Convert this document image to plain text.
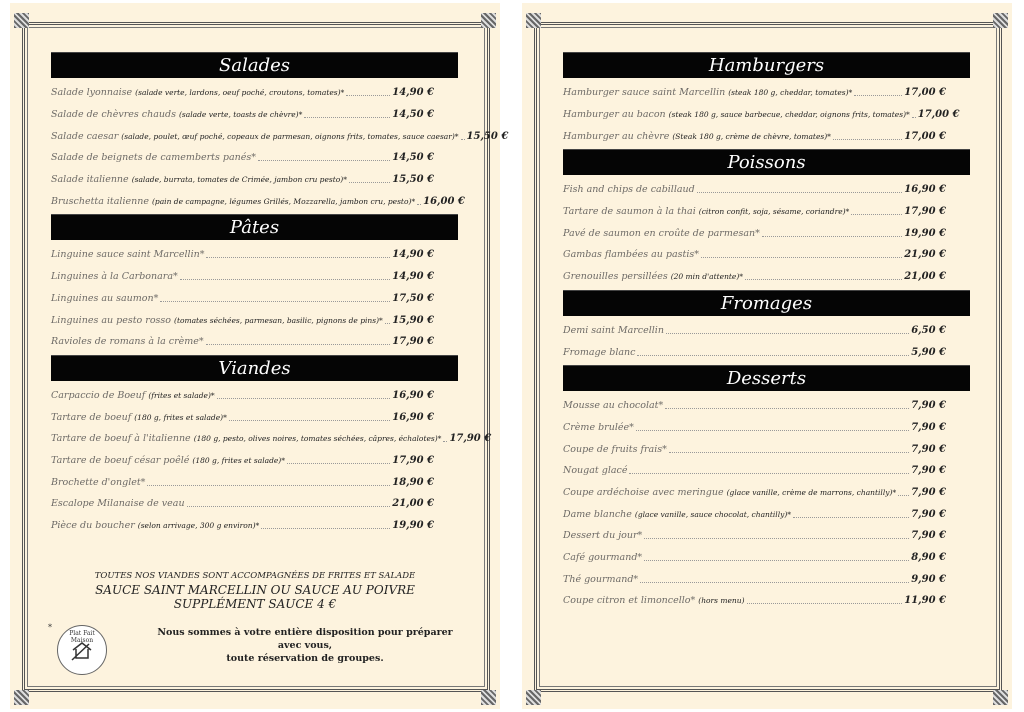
Salades
Salade lyonnaise (salade verte, lardons, oeuf poché, croutons, tomates)*	14,90 €
Salade de chèvres chauds (salade verte, toasts de chèvre)*	14,50 €
Salade caesar (salade, poulet, œuf poché, copeaux de parmesan, oignons frits, tomates, sauce caesar)* 15,50 €
Salade de beignets de camemberts panés*	14,50 €
Salade italienne (salade, burrata, tomates de Crimée, jambon cru pesto)*	15,50 €
Bruschetta italienne (pain de campagne, légumes Grillés, Mozzarella, jambon cru, pesto)* 16,00 €
Pâtes
Linguine sauce saint Marcellin*	14,90 €
Linguines à la Carbonara*	14,90 €
Linguines au saumon*	17,50 €
Linguines au pesto rosso (tomates séchées, parmesan, basilic, pignons de pins)* 15,90 €
Ravioles de romans à la crème*	17,90 €
Viandes
Carpaccio de Boeuf (frites et salade)*	16,90 €
Tartare de boeuf (180 g, frites et salade)*	16,90 €
Tartare de boeuf à l'italienne (180 g, pesto, olives noires, tomates séchées, câpres, échalotes)* 17,90 €
Tartare de boeuf césar poêlé (180 g, frites et salade)*	17,90 €
Brochette d'onglet*	18,90 €
Escalope Milanaise de veau	21,00 €
Pièce du boucher (selon arrivage, 300 g environ)*	19,90 €
TOUTES NOS VIANDES SONT ACCOMPAGNÉES DE FRITES ET SALADE
SAUCE SAINT MARCELLIN OU SAUCE AU POIVRE
SUPPLÉMENT SAUCE 4 €
*
Plat Fait Maison
Nous sommes à votre entière disposition pour préparer avec vous,
toute réservation de groupes.
Hamburgers
Hamburger sauce saint Marcellin (steak 180 g, cheddar, tomates)*	17,00 €
Hamburger au bacon (steak 180 g, sauce barbecue, cheddar, oignons frits, tomates)* 17,00 €
Hamburger au chèvre (Steak 180 g, crème de chèvre, tomates)*	17,00 €
Poissons
Fish and chips de cabillaud	16,90 €
Tartare de saumon à la thai (citron confit, soja, sésame, coriandre)*	17,90 €
Pavé de saumon en croûte de parmesan*	19,90 €
Gambas flambées au pastis*	21,90 €
Grenouilles persillées (20 min d'attente)*	21,00 €
Fromages
Demi saint Marcellin	6,50 €
Fromage blanc	5,90 €
Desserts
Mousse au chocolat*	7,90 €
Crème brulée*	7,90 €
Coupe de fruits frais*	7,90 €
Nougat glacé	7,90 €
Coupe ardéchoise avec meringue (glace vanille, crème de marrons, chantilly)* 7,90 €
Dame blanche (glace vanille, sauce chocolat, chantilly)*	7,90 €
Dessert du jour*	7,90 €
Café gourmand*	8,90 €
Thé gourmand*	9,90 €
Coupe citron et limoncello* (hors menu)	11,90 €
